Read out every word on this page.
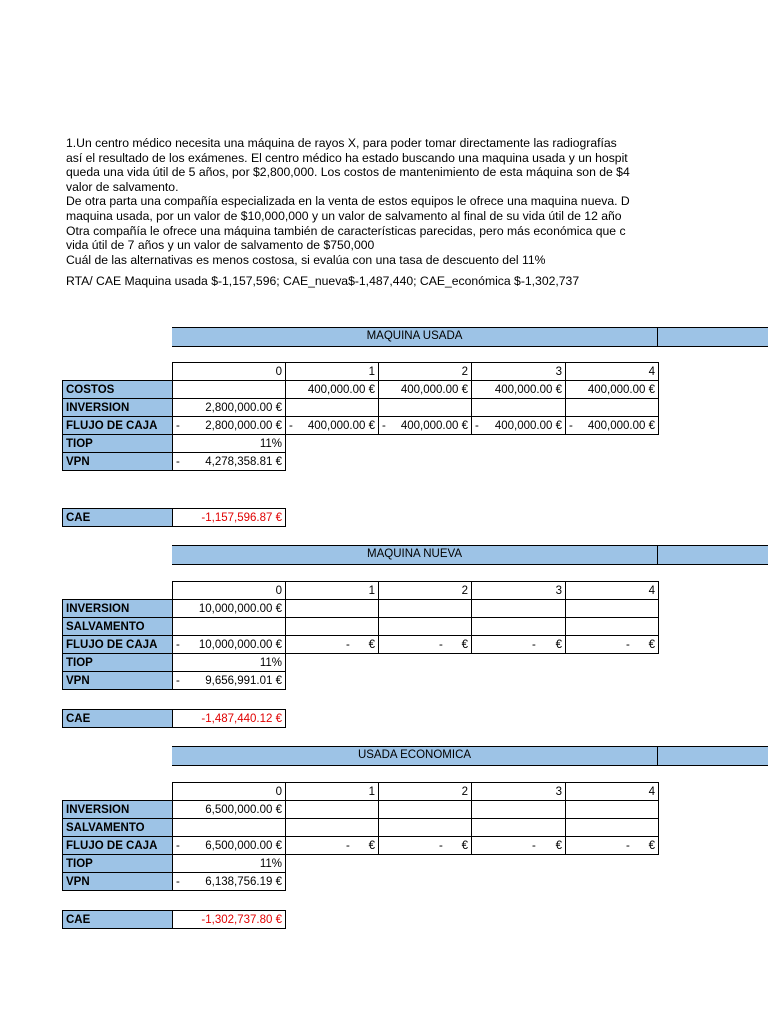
1.Un centro médico necesita una máquina de rayos X, para poder tomar directamente las radiografías
así el resultado de los exámenes. El centro médico ha estado buscando una maquina usada y un hospit
queda una vida útil de 5 años, por $2,800,000. Los costos de mantenimiento de esta máquina son de $4
valor de salvamento.
De otra parta una compañía especializada en la venta de estos equipos le ofrece una maquina nueva. D
maquina usada, por un valor de $10,000,000 y un valor de salvamento al final de su vida útil de 12 año
Otra compañía le ofrece una máquina también de características parecidas, pero más económica que c
vida útil de 7 años y un valor de salvamento de $750,000
Cuál de las alternativas es menos costosa, si evalúa con una tasa de descuento del 11%
RTA/ CAE Maquina usada $-1,157,596; CAE_nueva$-1,487,440; CAE_económica $-1,302,737
MAQUINA USADA
	0	1	2	3	4
COSTOS		400,000.00 €	400,000.00 €	400,000.00 €	400,000.00 €
INVERSION	2,800,000.00 €				
FLUJO DE CAJA	- 2,800,000.00 €	- 400,000.00 €	- 400,000.00 €	- 400,000.00 €	- 400,000.00 €
TIOP	11%				
VPN	- 4,278,358.81 €				
CAE	-1,157,596.87 €
MAQUINA NUEVA
	0	1	2	3	4
INVERSION	10,000,000.00 €				
SALVAMENTO					
FLUJO DE CAJA	- 10,000,000.00 €	- €	- €	- €	- €
TIOP	11%				
VPN	- 9,656,991.01 €				
CAE	-1,487,440.12 €
USADA ECONOMICA
	0	1	2	3	4
INVERSION	6,500,000.00 €				
SALVAMENTO					
FLUJO DE CAJA	- 6,500,000.00 €	- €	- €	- €	- €
TIOP	11%				
VPN	- 6,138,756.19 €				
CAE	-1,302,737.80 €
